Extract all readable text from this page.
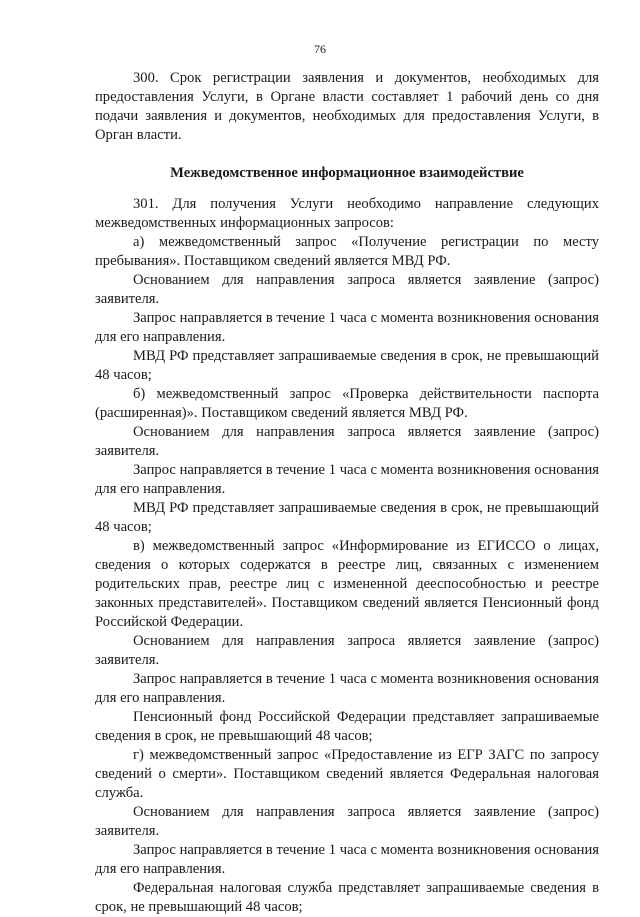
76

300. Срок регистрации заявления и документов, необходимых для предоставления Услуги, в Органе власти составляет 1 рабочий день со дня подачи заявления и документов, необходимых для предоставления Услуги, в Орган власти.

Межведомственное информационное взаимодействие

301. Для получения Услуги необходимо направление следующих межведомственных информационных запросов:

а) межведомственный запрос «Получение регистрации по месту пребывания». Поставщиком сведений является МВД РФ.

Основанием для направления запроса является заявление (запрос) заявителя.

Запрос направляется в течение 1 часа с момента возникновения основания для его направления.

МВД РФ представляет запрашиваемые сведения в срок, не превышающий 48 часов;

б) межведомственный запрос «Проверка действительности паспорта (расширенная)». Поставщиком сведений является МВД РФ.

Основанием для направления запроса является заявление (запрос) заявителя.

Запрос направляется в течение 1 часа с момента возникновения основания для его направления.

МВД РФ представляет запрашиваемые сведения в срок, не превышающий 48 часов;

в) межведомственный запрос «Информирование из ЕГИССО о лицах, сведения о которых содержатся в реестре лиц, связанных с изменением родительских прав, реестре лиц с измененной дееспособностью и реестре законных представителей». Поставщиком сведений является Пенсионный фонд Российской Федерации.

Основанием для направления запроса является заявление (запрос) заявителя.

Запрос направляется в течение 1 часа с момента возникновения основания для его направления.

Пенсионный фонд Российской Федерации представляет запрашиваемые сведения в срок, не превышающий 48 часов;

г) межведомственный запрос «Предоставление из ЕГР ЗАГС по запросу сведений о смерти». Поставщиком сведений является Федеральная налоговая служба.

Основанием для направления запроса является заявление (запрос) заявителя.

Запрос направляется в течение 1 часа с момента возникновения основания для его направления.

Федеральная налоговая служба представляет запрашиваемые сведения в срок, не превышающий 48 часов;
